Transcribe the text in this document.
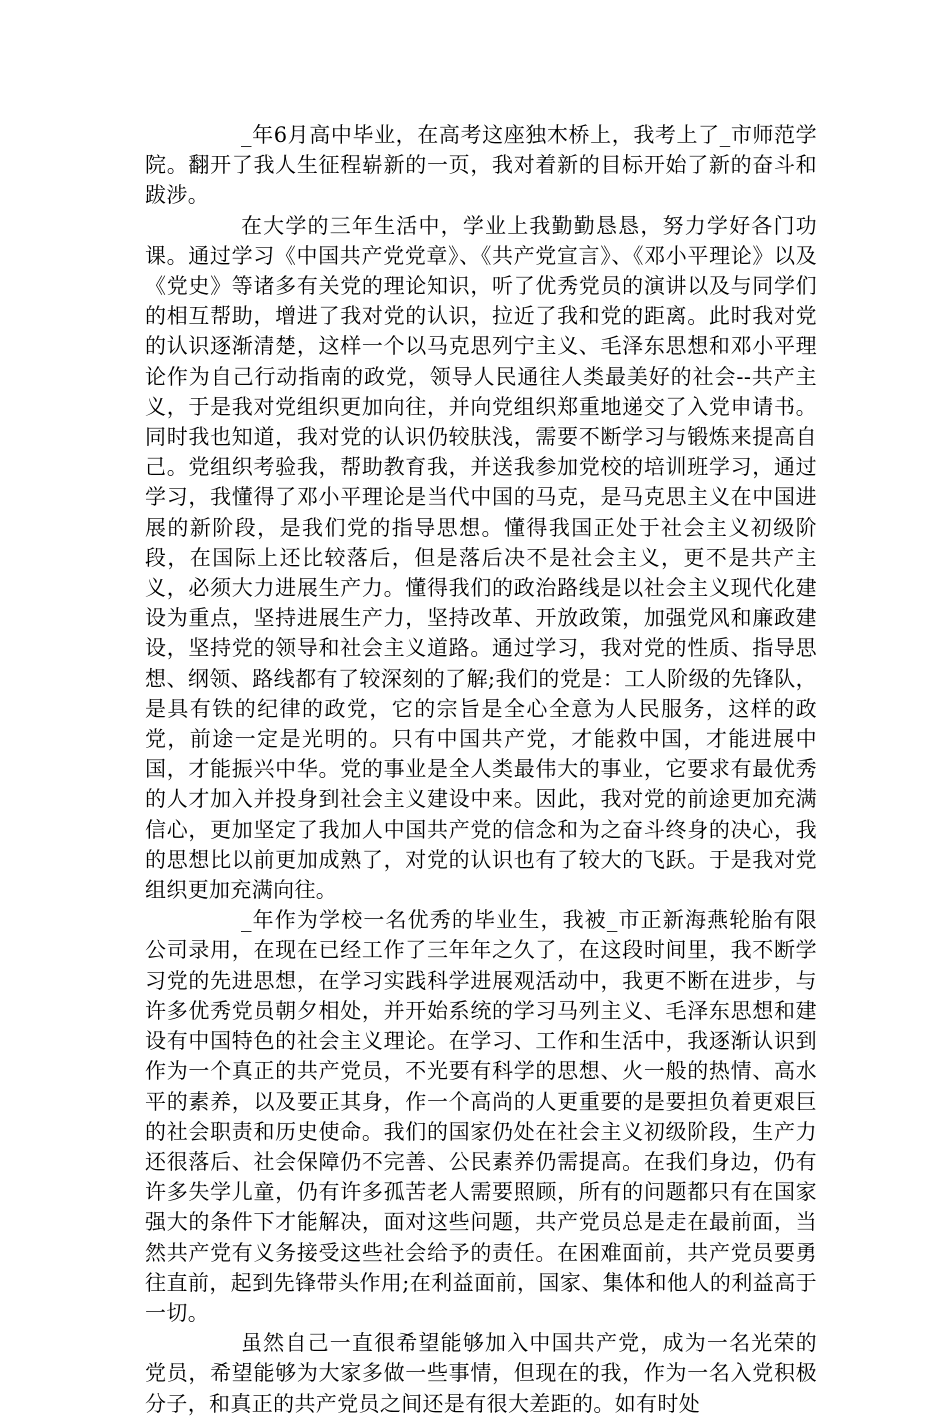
_年6月高中毕业，在高考这座独木桥上，我考上了_市师范学院。翻开了我人生征程崭新的一页，我对着新的目标开始了新的奋斗和跋涉。

在大学的三年生活中，学业上我勤勤恳恳，努力学好各门功课。通过学习《中国共产党党章》、《共产党宣言》、《邓小平理论》以及《党史》等诸多有关党的理论知识，听了优秀党员的演讲以及与同学们的相互帮助，增进了我对党的认识，拉近了我和党的距离。此时我对党的认识逐渐清楚，这样一个以马克思列宁主义、毛泽东思想和邓小平理论作为自己行动指南的政党，领导人民通往人类最美好的社会--共产主义，于是我对党组织更加向往，并向党组织郑重地递交了入党申请书。同时我也知道，我对党的认识仍较肤浅，需要不断学习与锻炼来提高自己。党组织考验我，帮助教育我，并送我参加党校的培训班学习，通过学习，我懂得了邓小平理论是当代中国的马克，是马克思主义在中国进展的新阶段，是我们党的指导思想。懂得我国正处于社会主义初级阶段，在国际上还比较落后，但是落后决不是社会主义，更不是共产主义，必须大力进展生产力。懂得我们的政治路线是以社会主义现代化建设为重点，坚持进展生产力，坚持改革、开放政策，加强党风和廉政建设，坚持党的领导和社会主义道路。通过学习，我对党的性质、指导思想、纲领、路线都有了较深刻的了解;我们的党是：工人阶级的先锋队，是具有铁的纪律的政党，它的宗旨是全心全意为人民服务，这样的政党，前途一定是光明的。只有中国共产党，才能救中国，才能进展中国，才能振兴中华。党的事业是全人类最伟大的事业，它要求有最优秀的人才加入并投身到社会主义建设中来。因此，我对党的前途更加充满信心，更加坚定了我加人中国共产党的信念和为之奋斗终身的决心，我的思想比以前更加成熟了，对党的认识也有了较大的飞跃。于是我对党组织更加充满向往。

_年作为学校一名优秀的毕业生，我被_市正新海燕轮胎有限公司录用，在现在已经工作了三年年之久了，在这段时间里，我不断学习党的先进思想，在学习实践科学进展观活动中，我更不断在进步，与许多优秀党员朝夕相处，并开始系统的学习马列主义、毛泽东思想和建设有中国特色的社会主义理论。在学习、工作和生活中，我逐渐认识到作为一个真正的共产党员，不光要有科学的思想、火一般的热情、高水平的素养，以及要正其身，作一个高尚的人更重要的是要担负着更艰巨的社会职责和历史使命。我们的国家仍处在社会主义初级阶段，生产力还很落后、社会保障仍不完善、公民素养仍需提高。在我们身边，仍有许多失学儿童，仍有许多孤苦老人需要照顾，所有的问题都只有在国家强大的条件下才能解决，面对这些问题，共产党员总是走在最前面，当然共产党有义务接受这些社会给予的责任。在困难面前，共产党员要勇往直前，起到先锋带头作用;在利益面前，国家、集体和他人的利益高于一切。

虽然自己一直很希望能够加入中国共产党，成为一名光荣的党员，希望能够为大家多做一些事情，但现在的我，作为一名入党积极分子，和真正的共产党员之间还是有很大差距的。如有时处
